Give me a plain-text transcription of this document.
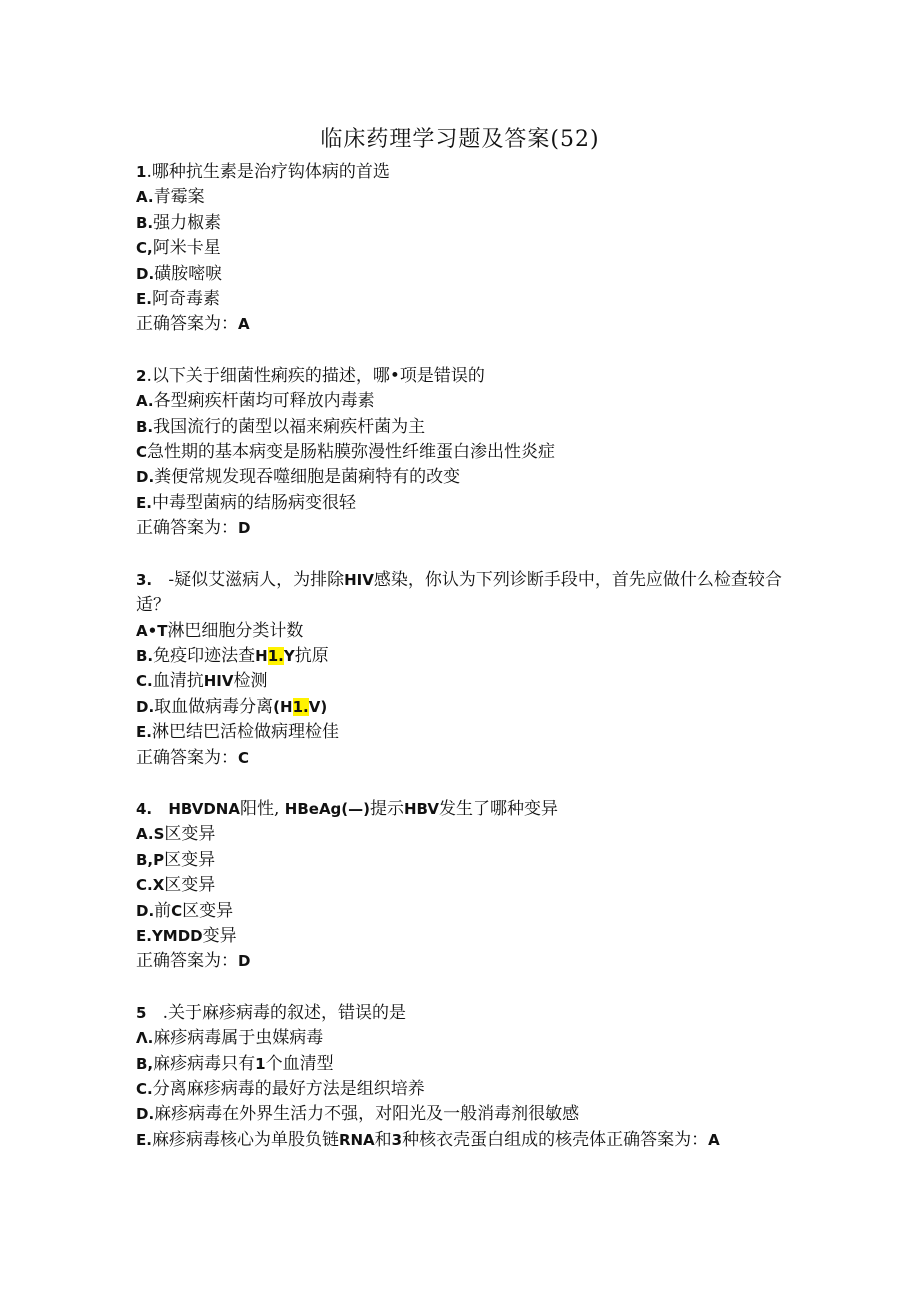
临床药理学习题及答案(52)
1.哪种抗生素是治疗钩体病的首选
A.青霉案
B.强力椒素
C,阿米卡星
D.磺胺嘧唳
E.阿奇毒素
正确答案为：A
2.以下关于细菌性痢疾的描述，哪•项是错误的
A.各型痢疾杆菌均可释放内毒素
B.我国流行的菌型以福来痢疾杆菌为主
C急性期的基本病变是肠粘膜弥漫性纤维蛋白渗出性炎症
D.粪便常规发现吞噬细胞是菌痢特有的改变
E.中毒型菌病的结肠病变很轻
正确答案为：D
3. -疑似艾滋病人，为排除HIV感染，你认为下列诊断手段中，首先应做什么检查较合适？
A•T淋巴细胞分类计数
B.免疫印迹法查H1.Y抗原
C.血清抗HIV检测
D.取血做病毒分离(H1.V)
E.淋巴结巴活检做病理检佳
正确答案为：C
4. HBVDNA阳性, HBeAg(—)提示HBV发生了哪种变异
A.S区变异
B,P区变异
C.X区变异
D.前C区变异
E.YMDD变异
正确答案为：D
5 .关于麻疹病毒的叙述，错误的是
Λ.麻疹病毒属于虫媒病毒
B,麻疹病毒只有1个血清型
C.分离麻疹病毒的最好方法是组织培养
D.麻疹病毒在外界生活力不强，对阳光及一般消毒剂很敏感
E.麻疹病毒核心为单股负链RNA和3种核衣壳蛋白组成的核壳体正确答案为：A
